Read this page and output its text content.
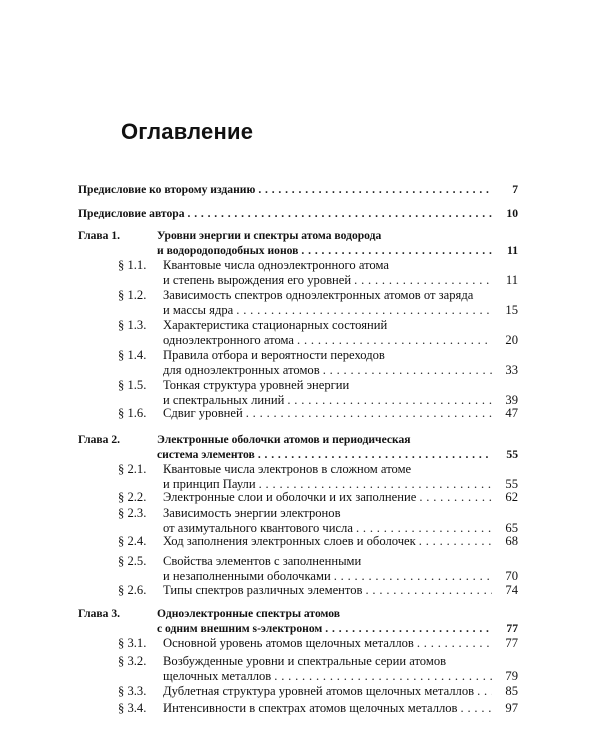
Оглавление
Предисловие ко второму изданию .....	7
Предисловие автора .....	10
Глава 1.	Уровни энергии и спектры атома водорода
и водородоподобных ионов .....	11
§ 1.1. Квантовые числа одноэлектронного атома
и степень вырождения его уровней .....	11
§ 1.2. Зависимость спектров одноэлектронных атомов от заряда
и массы ядра .....	15
§ 1.3. Характеристика стационарных состояний
одноэлектронного атома .....	20
§ 1.4. Правила отбора и вероятности переходов
для одноэлектронных атомов .....	33
§ 1.5. Тонкая структура уровней энергии
и спектральных линий .....	39
§ 1.6. Сдвиг уровней .....	47
Глава 2.	Электронные оболочки атомов и периодическая
система элементов .....	55
§ 2.1. Квантовые числа электронов в сложном атоме
и принцип Паули .....	55
§ 2.2. Электронные слои и оболочки и их заполнение .....	62
§ 2.3. Зависимость энергии электронов
от азимутального квантового числа .....	65
§ 2.4. Ход заполнения электронных слоев и оболочек .....	68
§ 2.5. Свойства элементов с заполненными
и незаполненными оболочками .....	70
§ 2.6. Типы спектров различных элементов .....	74
Глава 3.	Одноэлектронные спектры атомов
с одним внешним s-электроном .....	77
§ 3.1. Основной уровень атомов щелочных металлов .....	77
§ 3.2. Возбужденные уровни и спектральные серии атомов
щелочных металлов .....	79
§ 3.3. Дублетная структура уровней атомов щелочных металлов .....	85
§ 3.4. Интенсивности в спектрах атомов щелочных металлов .....	97
